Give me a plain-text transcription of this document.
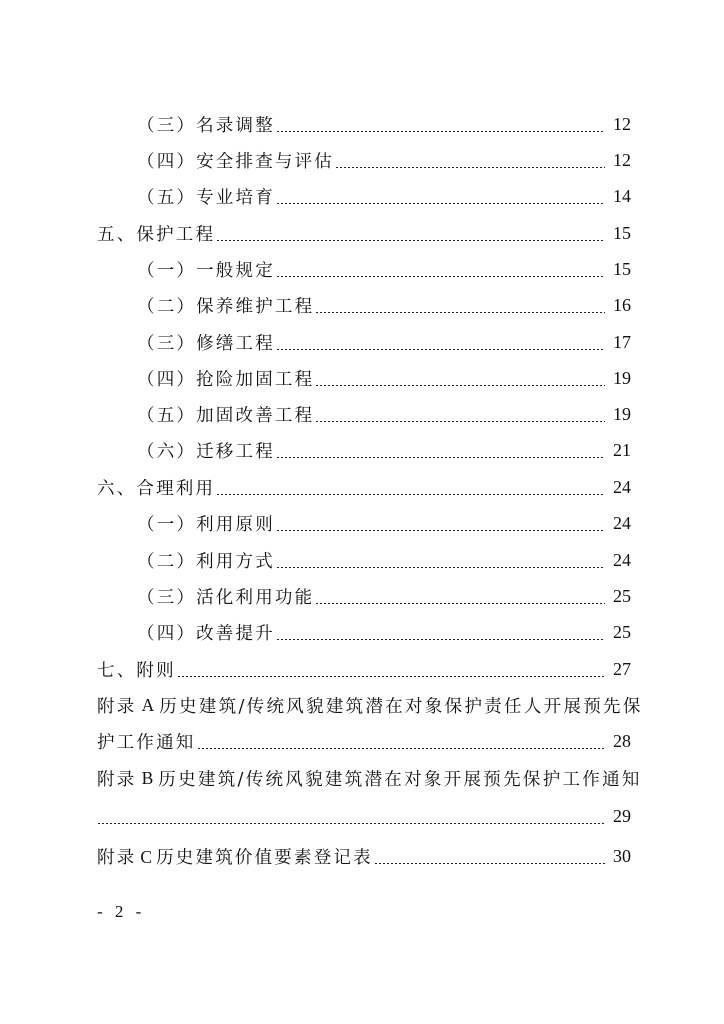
（三）名录调整	12
（四）安全排查与评估	12
（五）专业培育	14
五、保护工程	15
（一）一般规定	15
（二）保养维护工程	16
（三）修缮工程	17
（四）抢险加固工程	19
（五）加固改善工程	19
（六）迁移工程	21
六、合理利用	24
（一）利用原则	24
（二）利用方式	24
（三）活化利用功能	25
（四）改善提升	25
七、附则	27
附录 A 历史建筑/传统风貌建筑潜在对象保护责任人开展预先保
护工作通知	28
附录 B 历史建筑/传统风貌建筑潜在对象开展预先保护工作通知
29
附录 C 历史建筑价值要素登记表	30
- 2 -
